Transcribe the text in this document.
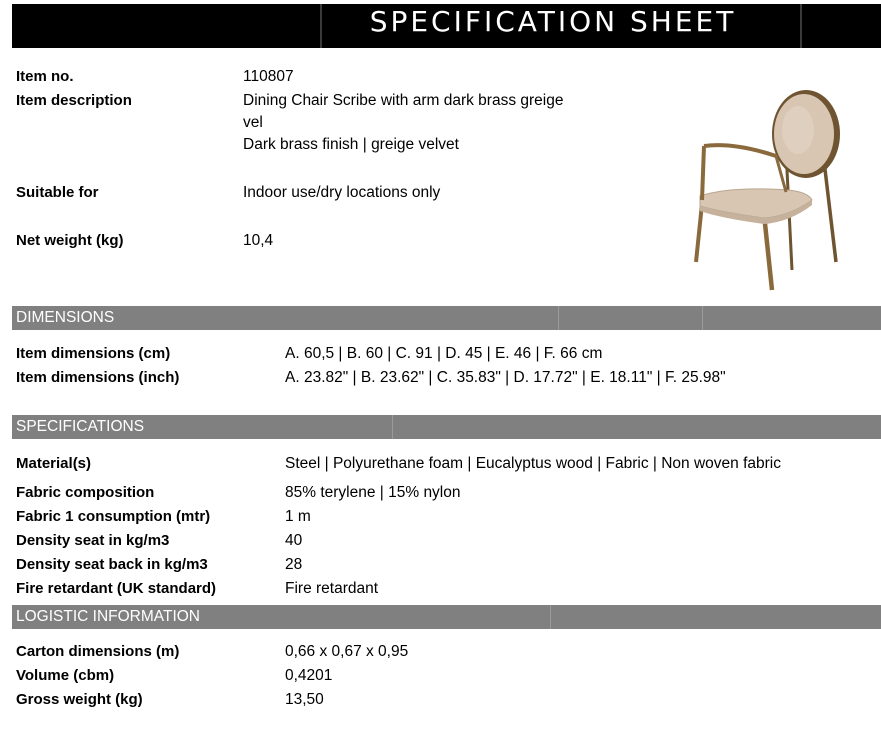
SPECIFICATION SHEET
Item no.	110807
Item description	Dining Chair Scribe with arm dark brass greige
vel
Dark brass finish | greige velvet
Suitable for	Indoor use/dry locations only
Net weight (kg)	10,4
DIMENSIONS
Item dimensions (cm)	A. 60,5 | B. 60 | C. 91 | D. 45 | E. 46 | F. 66 cm
Item dimensions (inch)	A. 23.82" | B. 23.62" | C. 35.83" | D. 17.72" | E. 18.11" | F. 25.98"
SPECIFICATIONS
Material(s)	Steel | Polyurethane foam | Eucalyptus wood | Fabric | Non woven fabric
Fabric composition	85% terylene | 15% nylon
Fabric 1 consumption (mtr)	1 m
Density seat in kg/m3	40
Density seat back in kg/m3	28
Fire retardant (UK standard)	Fire retardant
LOGISTIC INFORMATION
Carton dimensions (m)	0,66 x 0,67 x 0,95
Volume (cbm)	0,4201
Gross weight (kg)	13,50
